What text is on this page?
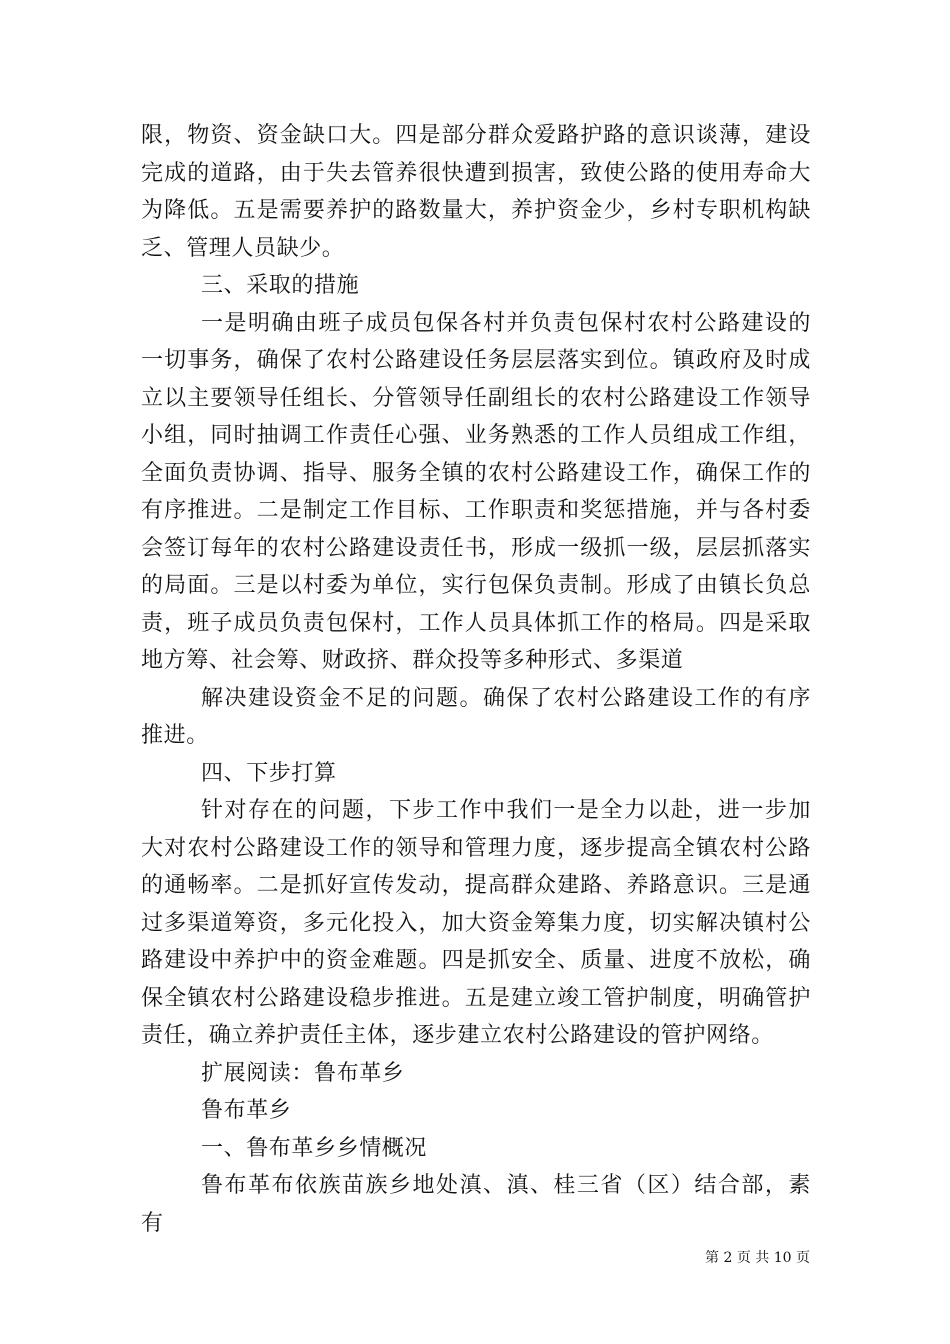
限，物资、资金缺口大。四是部分群众爱路护路的意识谈薄，建设完成的道路，由于失去管养很快遭到损害，致使公路的使用寿命大为降低。五是需要养护的路数量大，养护资金少，乡村专职机构缺乏、管理人员缺少。

三、采取的措施

一是明确由班子成员包保各村并负责包保村农村公路建设的一切事务，确保了农村公路建设任务层层落实到位。镇政府及时成立以主要领导任组长、分管领导任副组长的农村公路建设工作领导小组，同时抽调工作责任心强、业务熟悉的工作人员组成工作组，全面负责协调、指导、服务全镇的农村公路建设工作，确保工作的有序推进。二是制定工作目标、工作职责和奖惩措施，并与各村委会签订每年的农村公路建设责任书，形成一级抓一级，层层抓落实的局面。三是以村委为单位，实行包保负责制。形成了由镇长负总责，班子成员负责包保村，工作人员具体抓工作的格局。四是采取地方筹、社会筹、财政挤、群众投等多种形式、多渠道

解决建设资金不足的问题。确保了农村公路建设工作的有序推进。

四、下步打算

针对存在的问题，下步工作中我们一是全力以赴，进一步加大对农村公路建设工作的领导和管理力度，逐步提高全镇农村公路的通畅率。二是抓好宣传发动，提高群众建路、养路意识。三是通过多渠道筹资，多元化投入，加大资金筹集力度，切实解决镇村公路建设中养护中的资金难题。四是抓安全、质量、进度不放松，确保全镇农村公路建设稳步推进。五是建立竣工管护制度，明确管护责任，确立养护责任主体，逐步建立农村公路建设的管护网络。

扩展阅读：鲁布革乡

鲁布革乡

一、鲁布革乡乡情概况

鲁布革布依族苗族乡地处滇、滇、桂三省（区）结合部，素有

第 2 页 共 10 页
